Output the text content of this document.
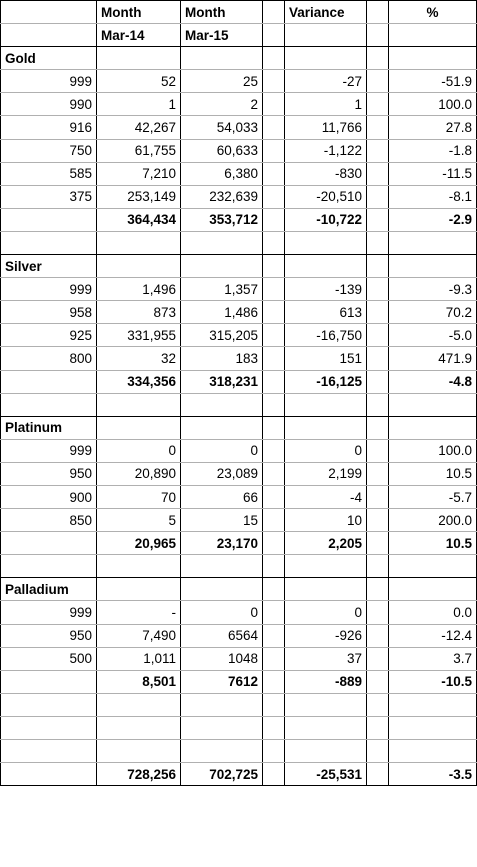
	Month	Month		Variance		%
	Mar-14	Mar-15				
Gold						
999	52	25		-27		-51.9
990	1	2		1		100.0
916	42,267	54,033		11,766		27.8
750	61,755	60,633		-1,122		-1.8
585	7,210	6,380		-830		-11.5
375	253,149	232,639		-20,510		-8.1
	364,434	353,712		-10,722		-2.9

Silver						
999	1,496	1,357		-139		-9.3
958	873	1,486		613		70.2
925	331,955	315,205		-16,750		-5.0
800	32	183		151		471.9
	334,356	318,231		-16,125		-4.8

Platinum						
999	0	0		0		100.0
950	20,890	23,089		2,199		10.5
900	70	66		-4		-5.7
850	5	15		10		200.0
	20,965	23,170		2,205		10.5

Palladium						
999	-	0		0		0.0
950	7,490	6564		-926		-12.4
500	1,011	1048		37		3.7
	8,501	7612		-889		-10.5

	728,256	702,725		-25,531		-3.5
